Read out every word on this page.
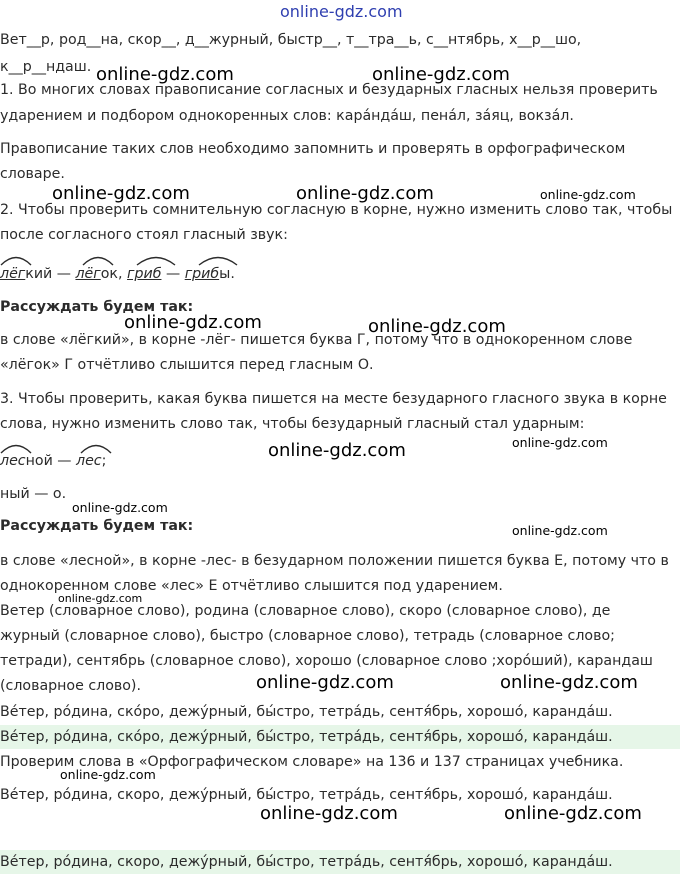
online-gdz.com
Вет__р, род__на, скор__, д__журный, быстр__, т__тра__ь, с__нтябрь, х__р__шо,
к__р__ндаш.
1. Во многих словах правописание согласных и безударных гласных нельзя проверить
ударением и подбором однокоренных слов: кара́нда́ш, пена́л, за́яц, вокза́л.
Правописание таких слов необходимо запомнить и проверять в орфографическом
словаре.
2. Чтобы проверить сомнительную согласную в корне, нужно изменить слово так, чтобы
после согласного стоял гласный звук:
лёгкий — лёгок, гриб — грибы.
Рассуждать будем так:
в слове «лёгкий», в корне -лёг- пишется буква Г, потому что в однокоренном слове
«лёгок» Г отчётливо слышится перед гласным О.
3. Чтобы проверить, какая буква пишется на месте безударного гласного звука в корне
слова, нужно изменить слово так, чтобы безударный гласный стал ударным:
лесной — лес;
ный — о.
Рассуждать будем так:
в слове «лесной», в корне -лес- в безударном положении пишется буква Е, потому что в
однокоренном слове «лес» Е отчётливо слышится под ударением.
Ветер (словарное слово), родина (словарное слово), скоро (словарное слово), де
журный (словарное слово), быстро (словарное слово), тетрадь (словарное слово;
тетради), сентябрь (словарное слово), хорошо (словарное слово ;хоро́ший), карандаш
(словарное слово).
Ве́тер, ро́дина, ско́ро, дежу́рный, бы́стро, тетра́дь, сентя́брь, хорошо́, каранда́ш.
Ве́тер, ро́дина, ско́ро, дежу́рный, бы́стро, тетра́дь, сентя́брь, хорошо́, каранда́ш.
Проверим слова в «Орфографическом словаре» на 136 и 137 страницах учебника.
Ве́тер, ро́дина, скоро, дежу́рный, бы́стро, тетра́дь, сентя́брь, хорошо́, каранда́ш.
Ве́тер, ро́дина, скоро, дежу́рный, бы́стро, тетра́дь, сентя́брь, хорошо́, каранда́ш.
online-gdz.com	online-gdz.com
online-gdz.com	online-gdz.com	online-gdz.com
online-gdz.com	online-gdz.com
online-gdz.com
online-gdz.com
online-gdz.com
online-gdz.com
online-gdz.com
online-gdz.com	online-gdz.com
online-gdz.com
online-gdz.com	online-gdz.com
